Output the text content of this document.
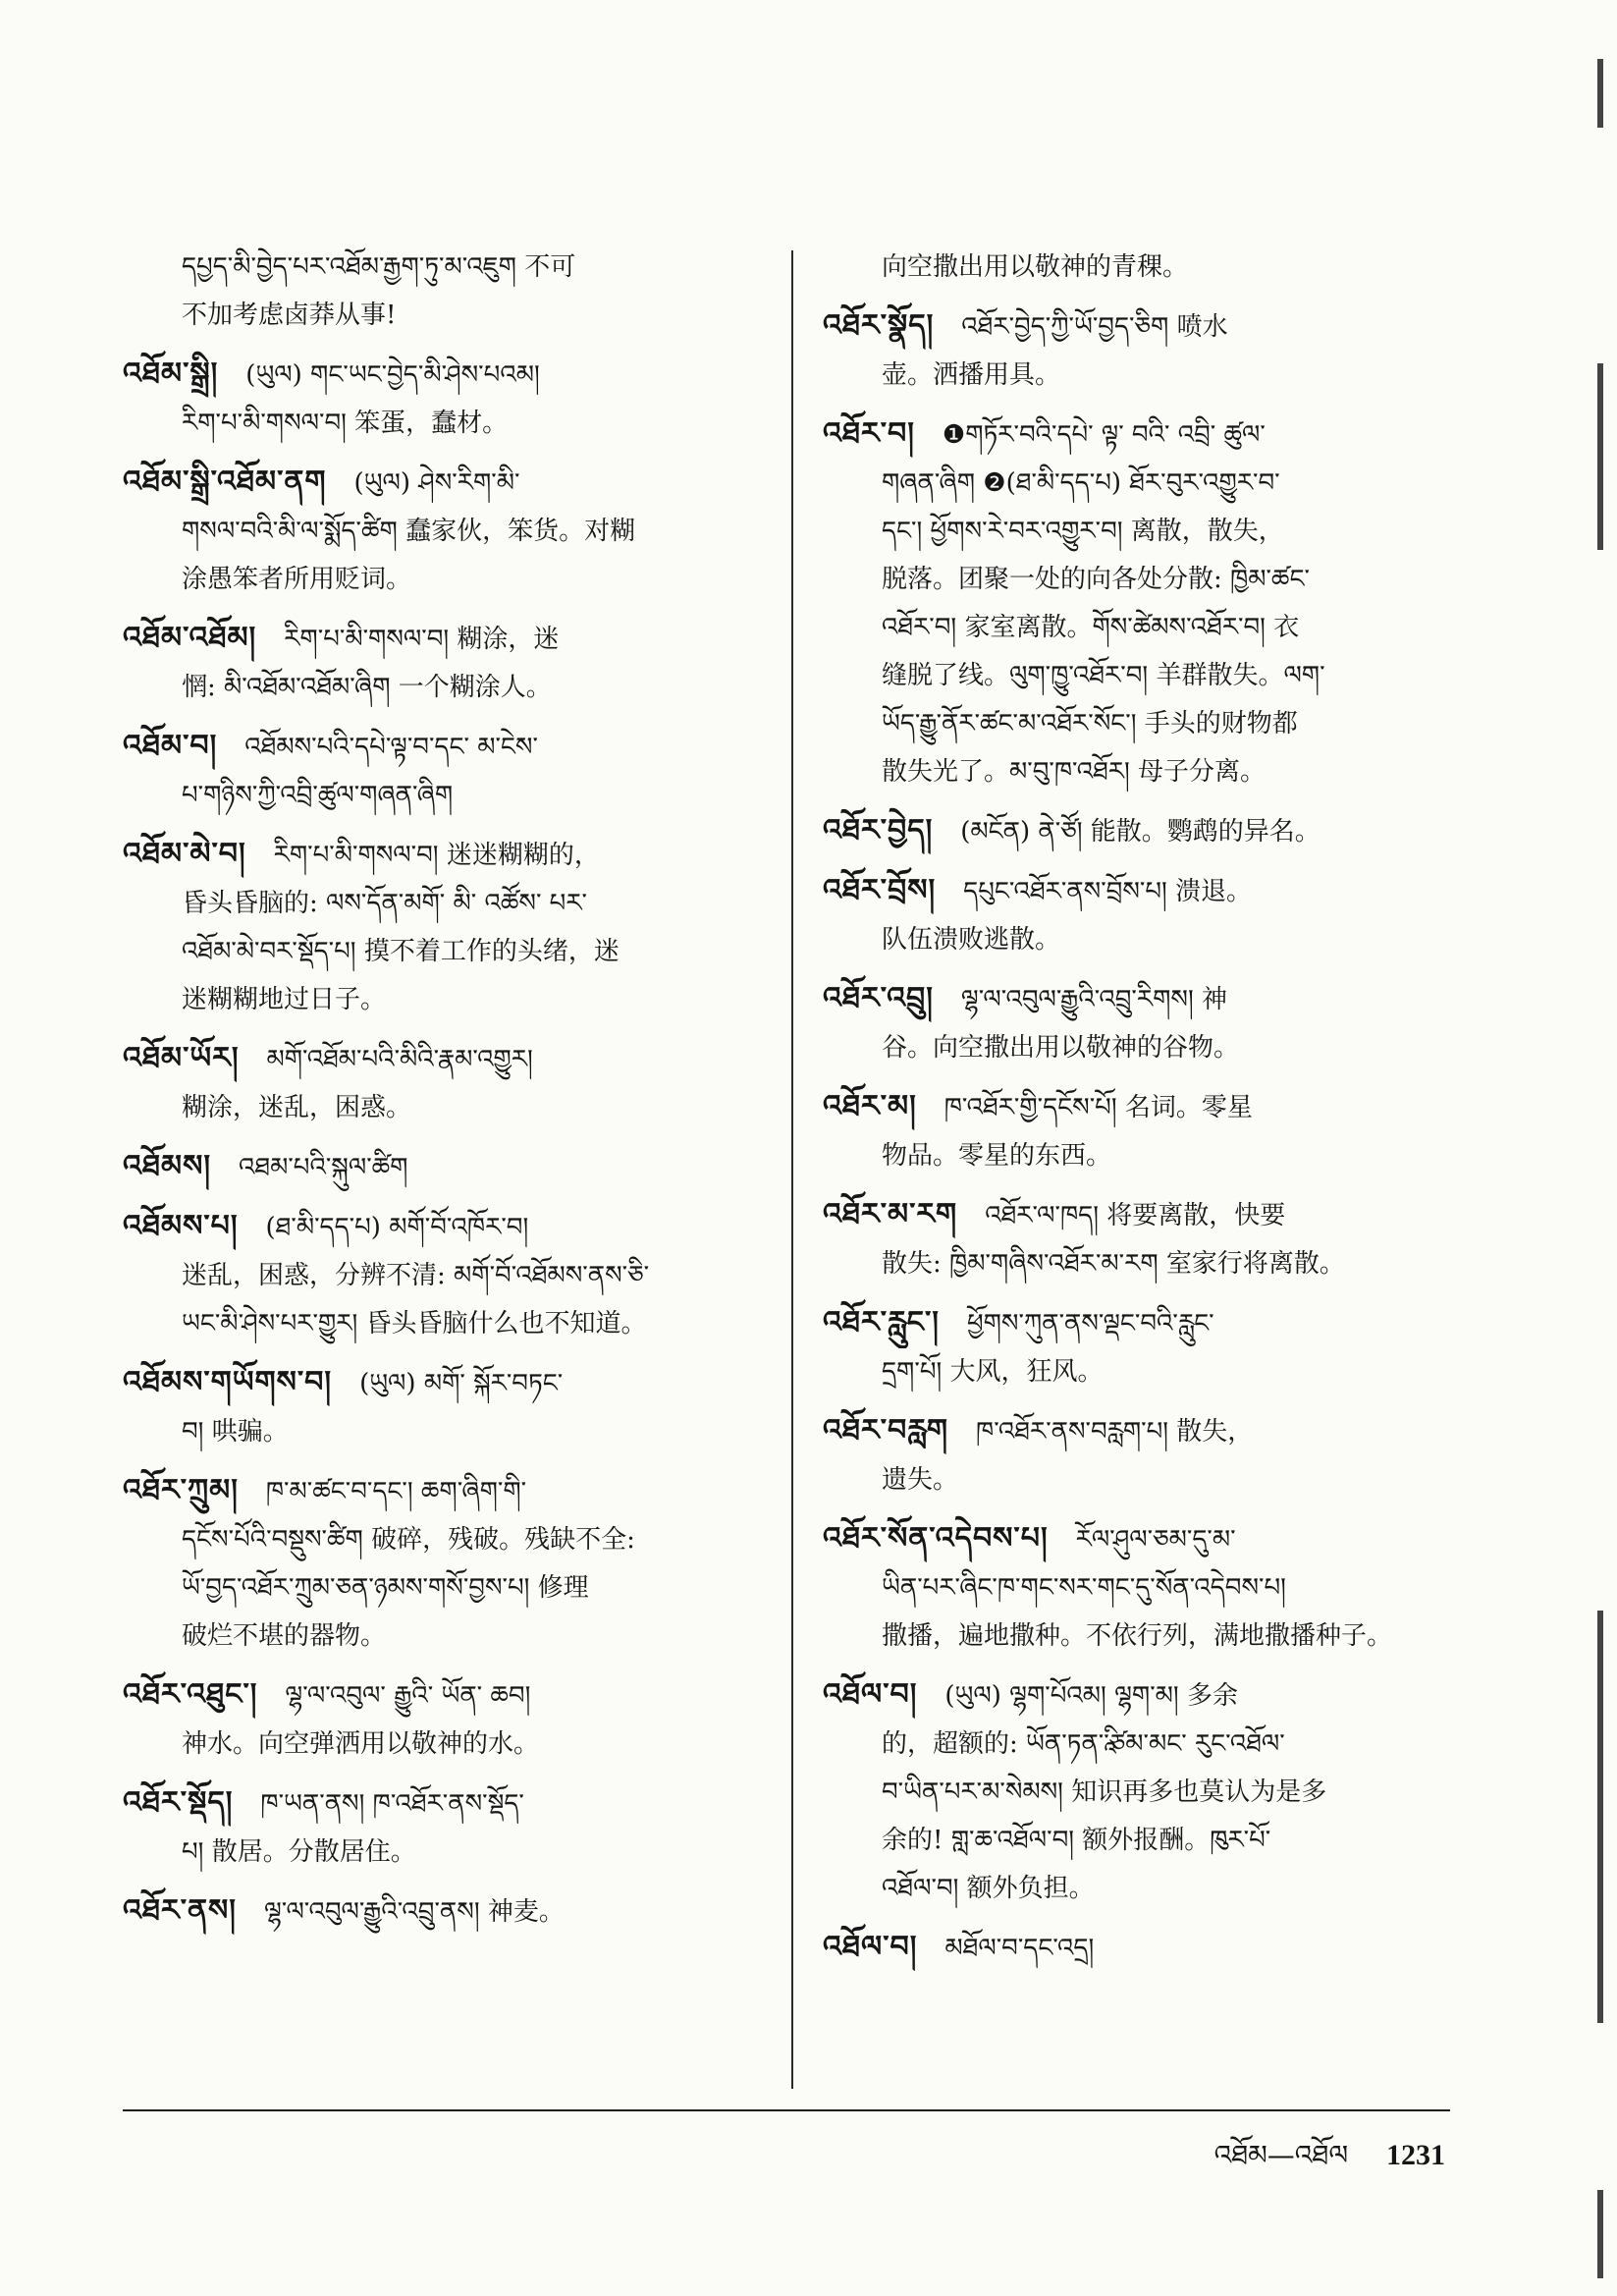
དཔྱད་མི་བྱེད་པར་འཐོམ་རྒྱག་ཏུ་མ་འཇུག 不可
不加考虑卤莽从事!
འཐོམ་སྒྲི། (ཡུལ) གང་ཡང་བྱེད་མི་ཤེས་པའམ།
རིག་པ་མི་གསལ་བ། 笨蛋，蠢材。
འཐོམ་སྒྲི་འཐོམ་ནག (ཡུལ) ཤེས་རིག་མི་
གསལ་བའི་མི་ལ་སྨོད་ཚིག 蠢家伙，笨货。对糊
涂愚笨者所用贬词。
འཐོམ་འཐོམ། རིག་པ་མི་གསལ་བ། 糊涂，迷
惘: མི་འཐོམ་འཐོམ་ཞིག 一个糊涂人。
འཐོམ་བ། འཐོམས་པའི་དཔེ་ལྟ་བ་དང་ མ་ངེས་
པ་གཉིས་ཀྱི་འབྲི་ཚུལ་གཞན་ཞིག
འཐོམ་མེ་བ། རིག་པ་མི་གསལ་བ། 迷迷糊糊的，
昏头昏脑的: ལས་དོན་མགོ་ མི་ འཚོས་ པར་
འཐོམ་མེ་བར་སྡོད་པ། 摸不着工作的头绪，迷
迷糊糊地过日子。
འཐོམ་ཡོར། མགོ་འཐོམ་པའི་མིའི་རྣམ་འགྱུར།
糊涂，迷乱，困惑。
འཐོམས། འཐམ་པའི་སྐུལ་ཚིག
འཐོམས་པ། (ཐ་མི་དད་པ) མགོ་བོ་འཁོར་བ།
迷乱，困惑，分辨不清: མགོ་བོ་འཐོམས་ནས་ཅི་
ཡང་མི་ཤེས་པར་གྱུར། 昏头昏脑什么也不知道。
འཐོམས་གཡོགས་བ། (ཡུལ) མགོ་ སྐོར་བཏང་
བ། 哄骗。
འཐོར་ཀྲུམ། ཁ་མ་ཚང་བ་དང་། ཆག་ཞིག་གི་
དངོས་པོའི་བསྡུས་ཚིག 破碎，残破。残缺不全:
ཡོ་བྱད་འཐོར་ཀྲུམ་ཅན་ཉམས་གསོ་བྱས་པ། 修理
破烂不堪的器物。
འཐོར་འཐུང་། ལྷ་ལ་འབུལ་ རྒྱུའི་ ཡོན་ ཆབ།
神水。向空弹洒用以敬神的水。
འཐོར་སྡོད། ཁ་ཡན་ནས། ཁ་འཐོར་ནས་སྡོད་
པ། 散居。分散居住。
འཐོར་ནས། ལྷ་ལ་འབུལ་རྒྱུའི་འབྲུ་ནས། 神麦。
向空撒出用以敬神的青稞。
འཐོར་སྣོད། འཐོར་བྱེད་ཀྱི་ཡོ་བྱད་ཅིག 喷水
壶。洒播用具。
འཐོར་བ། ❶གཏོར་བའི་དཔེ་ ལྟ་ བའི་ འབྲི་ ཚུལ་
གཞན་ཞིག ❷(ཐ་མི་དད་པ) ཐོར་བུར་འགྱུར་བ་
དང་། ཕྱོགས་རེ་བར་འགྱུར་བ། 离散，散失，
脱落。团聚一处的向各处分散: ཁྱིམ་ཚང་
འཐོར་བ། 家室离散。གོས་ཚེམས་འཐོར་བ། 衣
缝脱了线。ལུག་ཁྱུ་འཐོར་བ། 羊群散失。ལག་
ཡོད་རྒྱུ་ནོར་ཚང་མ་འཐོར་སོང་། 手头的财物都
散失光了。མ་བུ་ཁ་འཐོར། 母子分离。
འཐོར་བྱེད། (མངོན) ནེ་ཙོ། 能散。鹦鹉的异名。
འཐོར་བྲོས། དཔུང་འཐོར་ནས་བྲོས་པ། 溃退。
队伍溃败逃散。
འཐོར་འབྲུ། ལྷ་ལ་འབུལ་རྒྱུའི་འབྲུ་རིགས། 神
谷。向空撒出用以敬神的谷物。
འཐོར་མ། ཁ་འཐོར་གྱི་དངོས་པོ། 名词。零星
物品。零星的东西。
འཐོར་མ་རག འཐོར་ལ་ཁད། 将要离散，快要
散失: ཁྱིམ་གཞིས་འཐོར་མ་རག 室家行将离散。
འཐོར་རླུང་། ཕྱོགས་ཀུན་ནས་ལྡང་བའི་རླུང་
དྲག་པོ། 大风，狂风。
འཐོར་བརླག ཁ་འཐོར་ནས་བརླག་པ། 散失，
遗失。
འཐོར་སོན་འདེབས་པ། རོལ་ཤུལ་ཅམ་དུ་མ་
ཡིན་པར་ཞིང་ཁ་གང་སར་གང་དུ་སོན་འདེབས་པ།
撒播，遍地撒种。不依行列，满地撒播种子。
འཐོལ་བ། (ཡུལ) ལྷག་པོའམ། ལྷག་མ། 多余
的，超额的: ཡོན་ཏན་ཱི་ཙམ་མང་ རུང་འཐོལ་
བ་ཡིན་པར་མ་སེམས། 知识再多也莫认为是多
余的! གླ་ཆ་འཐོལ་བ། 额外报酬。ཁུར་པོ་
འཐོལ་བ། 额外负担。
འཐོལ་བ། མཐོལ་བ་དང་འདྲ།
འཐོམ—འཐོལ 1231
